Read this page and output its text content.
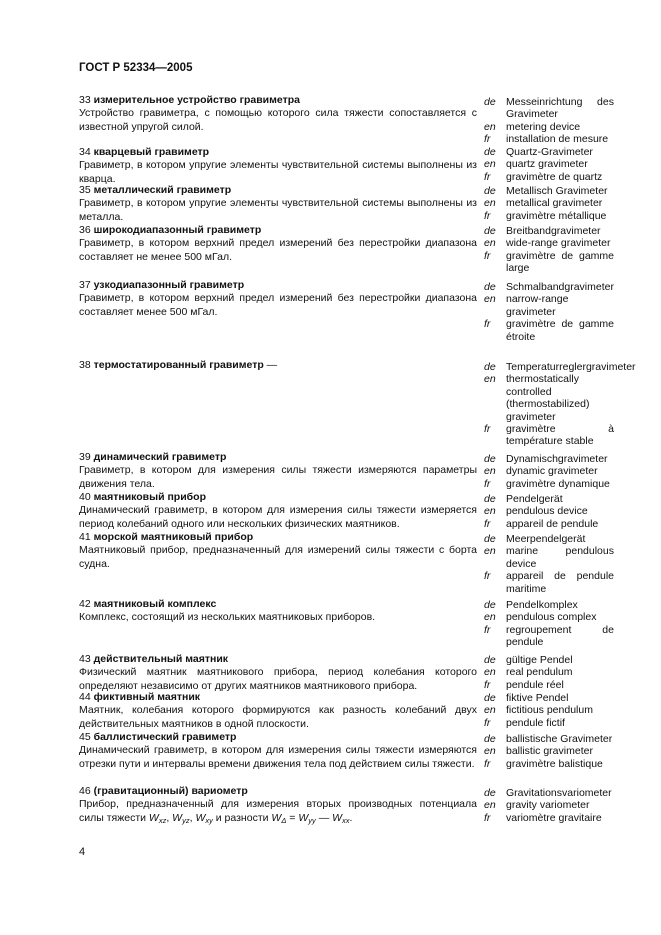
ГОСТ Р 52334—2005
33 измерительное устройство гравиметра
Устройство гравиметра, с помощью которого сила тяжести сопоставляется с известной упругой силой.
de Messeinrichtung des Gravimeter
en metering device
fr	installation de mesure
34 кварцевый гравиметр
Гравиметр, в котором упругие элементы чувствительной системы выполнены из кварца.
de Quartz-Gravimeter
en quartz gravimeter
fr	gravimètre de quartz
35 металлический гравиметр
Гравиметр, в котором упругие элементы чувствительной системы выполнены из металла.
de Metallisch Gravimeter
en metallical gravimeter
fr	gravimètre métallique
36 широкодиапазонный гравиметр
Гравиметр, в котором верхний предел измерений без перестройки диапазона составляет не менее 500 мГал.
de Breitbandgravimeter
en wide-range gravimeter
fr	gravimètre de gamme large
37 узкодиапазонный гравиметр
Гравиметр, в котором верхний предел измерений без перестройки диапазона составляет менее 500 мГал.
de Schmalbandgravimeter
en narrow-range gravimeter
fr	gravimètre de gamme étroite
38 термостатированный гравиметр —	de Temperaturreglergravimeter
en thermostatically controlled (thermostabilized) gravimeter
fr	gravimètre à température stable
39 динамический гравиметр
Гравиметр, в котором для измерения силы тяжести измеряются параметры движения тела.
de Dynamischgravimeter
en dynamic gravimeter
fr	gravimètre dynamique
40 маятниковый прибор
Динамический гравиметр, в котором для измерения силы тяжести измеряется период колебаний одного или нескольких физических маятников.
de Pendelgerät
en pendulous device
fr	appareil de pendule
41 морской маятниковый прибор
Маятниковый прибор, предназначенный для измерений силы тяжести с борта судна.
de Meerpendelgerät
en marine pendulous device
fr	appareil de pendule maritime
42 маятниковый комплекс
Комплекс, состоящий из нескольких маятниковых приборов.
de Pendelkomplex
en pendulous complex
fr	regroupement de pendule
43 действительный маятник
Физический маятник маятникового прибора, период колебания которого определяют независимо от других маятников маятникового прибора.
de gültige Pendel
en real pendulum
fr	pendule réel
44 фиктивный маятник
Маятник, колебания которого формируются как разность колебаний двух действительных маятников в одной плоскости.
de fiktive Pendel
en fictitious pendulum
fr	pendule fictif
45 баллистический гравиметр
Динамический гравиметр, в котором для измерения силы тяжести измеряются отрезки пути и интервалы времени движения тела под действием силы тяжести.
de ballistische Gravimeter
en ballistic gravimeter
fr	gravimètre balistique
46 (гравитационный) вариометр
Прибор, предназначенный для измерения вторых производных потенциала силы тяжести $W_{xz}$, $W_{yz}$, $W_{xy}$ и разности $W_\Delta = W_{yy}$ — $W_{xx}$.
de Gravitationsvariometer
en gravity variometer
fr	variomètre gravitaire
4
